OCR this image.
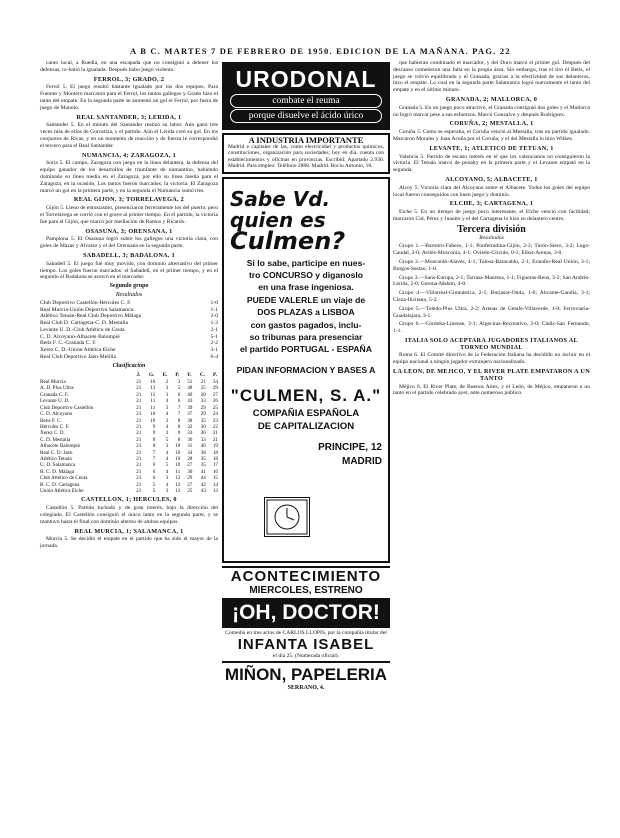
A B C. MARTES 7 DE FEBRERO DE 1950. EDICION DE LA MAÑANA. PAG. 22

canto local, a Ruedia, en una escapada que no consiguió a detener los defensas, ro-batió la igualada. Después hubo juego violento.

FERROL, 3; GRADO, 2

Ferrol 5. El juego resultó bastante igualado por los dos equipos. Para Fuentes y Montero marcaron para el Ferrol, los tantos gallegos y Grado hizo el tanto del empate. En la segunda parte se aumentó un gol el Ferrol, por fuera de juego de Manolo.

REAL SANTANDER, 3; LERIDA, 1

Santander 5. En el minuto del Santander realizó su labor. Aún ganó tres veces más de ellos de Gorostiza, y el partido. Aún el Lérida creó su gol. En los conjuntos de Rivas, y en un momento de reacción y de fuerza le correspondió el tercero para el Real Santander.

NUMANCIA, 4; ZARAGOZA, 1

Soria 5. El campo, Zaragoza con juego en la línea delantera, la defensa del equipo ganador de los desarrollos de triunfante de numantino, habiendo dominado su línea media en el Zaragoza, por ello su línea media para el Zaragoza, en la ocasión, Los tantos fueron marcados: la victoria. El Zaragoza marcó un gol en la primera parte, y en la segunda el Numancia sumó tres.

REAL GIJON, 3; TORRELAVEGA, 2

Gijón 5. Lleno de entusiasmo, presenciaron ferreramente los del puerto, pero el Torrelavega se corrió con el grave al primer tiempo. En el partido, la victoria fue para el Gijón, que marcó por mediación de Ramos y Ricardo.

OSASUNA, 3; ORENSANA, 1

Pamplona 5. El Osasuna logró sobre los gallegos una victoria clara, con goles de Mazas y Alvarez y el del Orensana en la segunda parte.

SABADELL, 3; BADALONA, 1

Sabadell 5. El juego fué muy movido, con dominio alternativo del primer tiempo. Los goles fueron marcados: el Sabadell, en el primer tiempo, y en el segundo el Badalona se acercó en el marcador.

Segundo grupo
Resultados
Club Deportivo Castellón-Hércules C. F.	1-0
Real Murcia-Unión Deportiva Salamanca.	1-1
Atlético Tetuán-Real Club Deportivo Málaga	2-0
Real Club D. Cartagena-C. D. Mestalla	1-3
Levante U. D.-Club Atlético de Ceuta	2-1
C. D. Alcoyano-Albacete Balompié	5-1
Betis F. C.-Granada C. F.	2-2
Xerez C. D.-Unión Atlética Elche	3-1
Real Club Deportivo Jaén-Melilla	6-4
Clasificación
	J.	G.	E.	P.	F.	C.	P.
Real Murcia	21	16	2	3	51	21	34
A. D. Plus Ultra	21	13	3	5	48	25	29
Granada C. F.	21	12	3	6	40	30	27
Levante U. D.	21	11	4	6	43	33	26
Club Deportivo Castellón	21	11	3	7	39	29	25
C. D. Alcoyano	21	10	4	7	37	29	24
Betis F. C.	21	10	3	8	38	35	23
Hércules C. F.	21	9	4	8	32	30	22
Xerez C. D.	21	9	3	9	33	36	21
C. D. Mestalla	21	8	5	8	36	33	21
Albacete Balompié	21	8	3	10	31	40	19
Real C. D. Jaén	21	7	4	10	34	38	18
Atlético Tetuán	21	7	4	10	28	35	18
U. D. Salamanca	21	6	5	10	27	35	17
R. C. D. Málaga	21	6	4	11	30	41	16
Club Atlético de Ceuta	21	6	3	12	29	44	15
R. C. D. Cartagena	21	5	4	12	27	42	14
Unión Atlética Elche	21	5	3	13	25	43	13
CASTELLON, 1; HERCULES, 0

Castellón 5. Partido luchado y de gran interés, bajo la dirección del colegiado. El Castellón consiguió el único tanto en la segunda parte, y se mantuvo hasta el final con dominio alterno de ambos equipos.

REAL MURCIA, 1; SALAMANCA, 1

Murcia 5. Se decidió el empate en el partido que ha sido el mayor de la jornada.

URODONAL
combate el reuma
porque disuelve el ácido úrico
A INDUSTRIA IMPORTANTE
Madrid e capitales de las, como electricidad y productos químicos, constituciones, organización para sociedades; hoy en día, cuenta con establecimientos y oficinas en provincias. Escribid: Apartado 2.930. Madrid. Para empleo: Teléfono 2888. Madrid. Bocio Antonio, 18.
Sabe Vd.
quien es Culmen?
Si lo sabe, participe en nues-
tro CONCURSO y diganoslo
en una frase ingeniosa.
PUEDE VALERLE un viaje de
DOS PLAZAS a LISBOA
con gastos pagados, inclu-
so tribunas para presenciar
el partido PORTUGAL - ESPAÑA
PIDAN INFORMACION Y BASES A
"CULMEN, S. A."
COMPAÑIA ESPAÑOLA
DE CAPITALIZACION
PRINCIPE, 12
MADRID
ACONTECIMIENTO
MIERCOLES, ESTRENO
¡OH, DOCTOR!
Comedia en tres actos de CARLOS LLOPIS, por la compañía titular del
INFANTA ISABEL
el día 25. (Numerada oficial).
MIÑON, PAPELERIA
SERRANO, 4.

que habieran combinado el marcador, y del Duro marcó el primer gol. Después del descanso cometieron una falta en la propia área. Sin embargo, tras el tiro el Betis, el juego se volvió equilibrado y el Granada, gracias a la efectividad de sus delanteros, hizo el empate. Lo cual en la segunda parte Salamanca logró nuevamente el tanto del empate y en el último minuto.

GRANADA, 2; MALLORCA, 0

Granada 5. En un juego poco atractivo, el Granada consiguió dos goles y el Mallorca no logró marcar pese a sus esfuerzos. Marcó Gonzalvo y después Rodríguez.

CORUÑA, 2; MESTALLA, 1

Coruña 5. Como se esperaba, el Coruña venció al Mestalla, tras un partido igualado. Marcaron Morales y Juan Acuña por el Coruña, y el del Mestalla lo hizo Wilkes.

LEVANTE, 1; ATLETICO DE TETUAN, 1

Valencia 5. Partido de escaso interés en el que los valencianos no consiguieron la victoria. El Tetuán marcó de penalty en la primera parte y el Levante empató en la segunda.

ALCOYANO, 5; ALBACETE, 1

Alcoy 5. Victoria clara del Alcoyano sobre el Albacete. Todos los goles del equipo local fueron conseguidos con buen juego y dominio.

ELCHE, 3; CARTAGENA, 1

Elche 5. En un tiempo de juego poco interesante, el Elche venció con facilidad; marcaron Cid, Pérez y Juanito y el del Cartagena lo hizo su delantero centro.

Tercera división
Resultados

Grupo 1.—Barreiro-Fabero, 1-1; Ponferradina-Gijón, 2-2; Turón-Siero, 3-2; Lugo-Caudal, 2-0; Avilés-Mosconia, 4-1; Oviedo-Círculo, 0-1; Eibar-Arenas, 3-0.

Grupo 2.—Moscardó-Alavés, 4-1; Tolosa-Baracaldo, 2-1; Erandio-Real Unión, 3-1; Burgos-Sestao, 1-0.

Grupo 3.—Sans-Europa, 2-1; Tarrasa-Manresa, 1-1; Figueras-Reus, 3-2; San Andrés-Lérida, 2-0; Gerona-Mahón, 4-0.

Grupo 4.—Villarreal-Gimnástica, 2-1; Burjasot-Onda, 1-0; Alicante-Gandía, 3-1; Cieza-Ilicitano, 5-2.

Grupo 5.—Toledo-Plus Ultra, 2-2; Arenas de Getafe-Villaverde, 1-0; Ferroviaria-Guadalajara, 3-1.

Grupo 6.—Córdoba-Linense, 3-1; Algeciras-Recreativo, 2-0; Cádiz-San Fernando, 1-1.

ITALIA SOLO ACEPTARA JUGADORES ITALIANOS AL TORNEO MUNDIAL

Roma 6. El Comité directivo de la Federación Italiana ha decidido no incluir en el equipo nacional a ningún jugador extranjero nacionalizado.

LA LEON, DE MEJICO, Y EL RIVER PLATE EMPATARON A UN TANTO

Méjico 6. El River Plate, de Buenos Aires, y el León, de Méjico, empataron a un tanto en el partido celebrado ayer, ante numeroso público.
